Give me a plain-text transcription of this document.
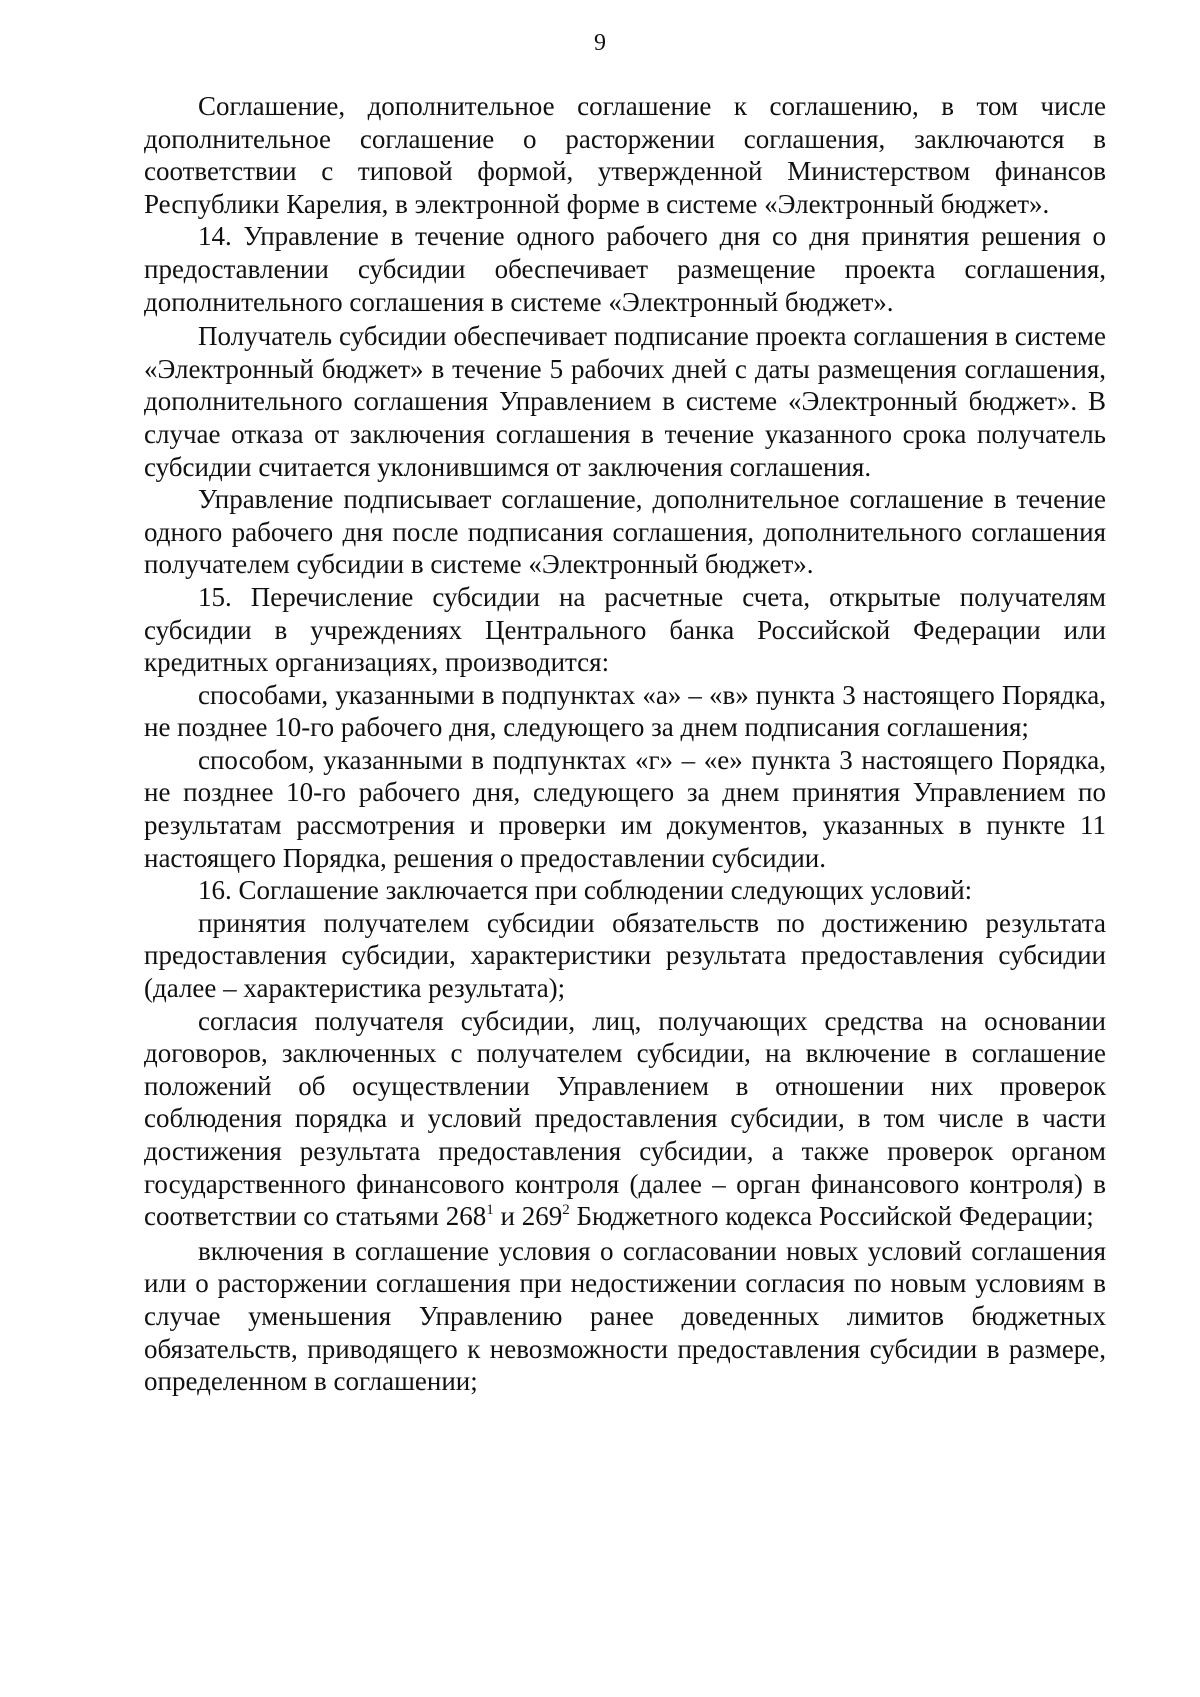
9

Соглашение, дополнительное соглашение к соглашению, в том числе дополнительное соглашение о расторжении соглашения, заключаются в соответствии с типовой формой, утвержденной Министерством финансов Республики Карелия, в электронной форме в системе «Электронный бюджет».

14. Управление в течение одного рабочего дня со дня принятия решения о предоставлении субсидии обеспечивает размещение проекта соглашения, дополнительного соглашения в системе «Электронный бюджет».

Получатель субсидии обеспечивает подписание проекта соглашения в системе «Электронный бюджет» в течение 5 рабочих дней с даты размещения соглашения, дополнительного соглашения Управлением в системе «Электронный бюджет». В случае отказа от заключения соглашения в течение указанного срока получатель субсидии считается уклонившимся от заключения соглашения.

Управление подписывает соглашение, дополнительное соглашение в течение одного рабочего дня после подписания соглашения, дополнительного соглашения получателем субсидии в системе «Электронный бюджет».

15. Перечисление субсидии на расчетные счета, открытые получателям субсидии в учреждениях Центрального банка Российской Федерации или кредитных организациях, производится:

способами, указанными в подпунктах «а» – «в» пункта 3 настоящего Порядка, не позднее 10-го рабочего дня, следующего за днем подписания соглашения;

способом, указанными в подпунктах «г» – «е» пункта 3 настоящего Порядка, не позднее 10-го рабочего дня, следующего за днем принятия Управлением по результатам рассмотрения и проверки им документов, указанных в пункте 11 настоящего Порядка, решения о предоставлении субсидии.

16. Соглашение заключается при соблюдении следующих условий:

принятия получателем субсидии обязательств по достижению результата предоставления субсидии, характеристики результата предоставления субсидии (далее – характеристика результата);

согласия получателя субсидии, лиц, получающих средства на основании договоров, заключенных с получателем субсидии, на включение в соглашение положений об осуществлении Управлением в отношении них проверок соблюдения порядка и условий предоставления субсидии, в том числе в части достижения результата предоставления субсидии, а также проверок органом государственного финансового контроля (далее – орган финансового контроля) в соответствии со статьями $268^1$ и $269^2$ Бюджетного кодекса Российской Федерации;

включения в соглашение условия о согласовании новых условий соглашения или о расторжении соглашения при недостижении согласия по новым условиям в случае уменьшения Управлению ранее доведенных лимитов бюджетных обязательств, приводящего к невозможности предоставления субсидии в размере, определенном в соглашении;
